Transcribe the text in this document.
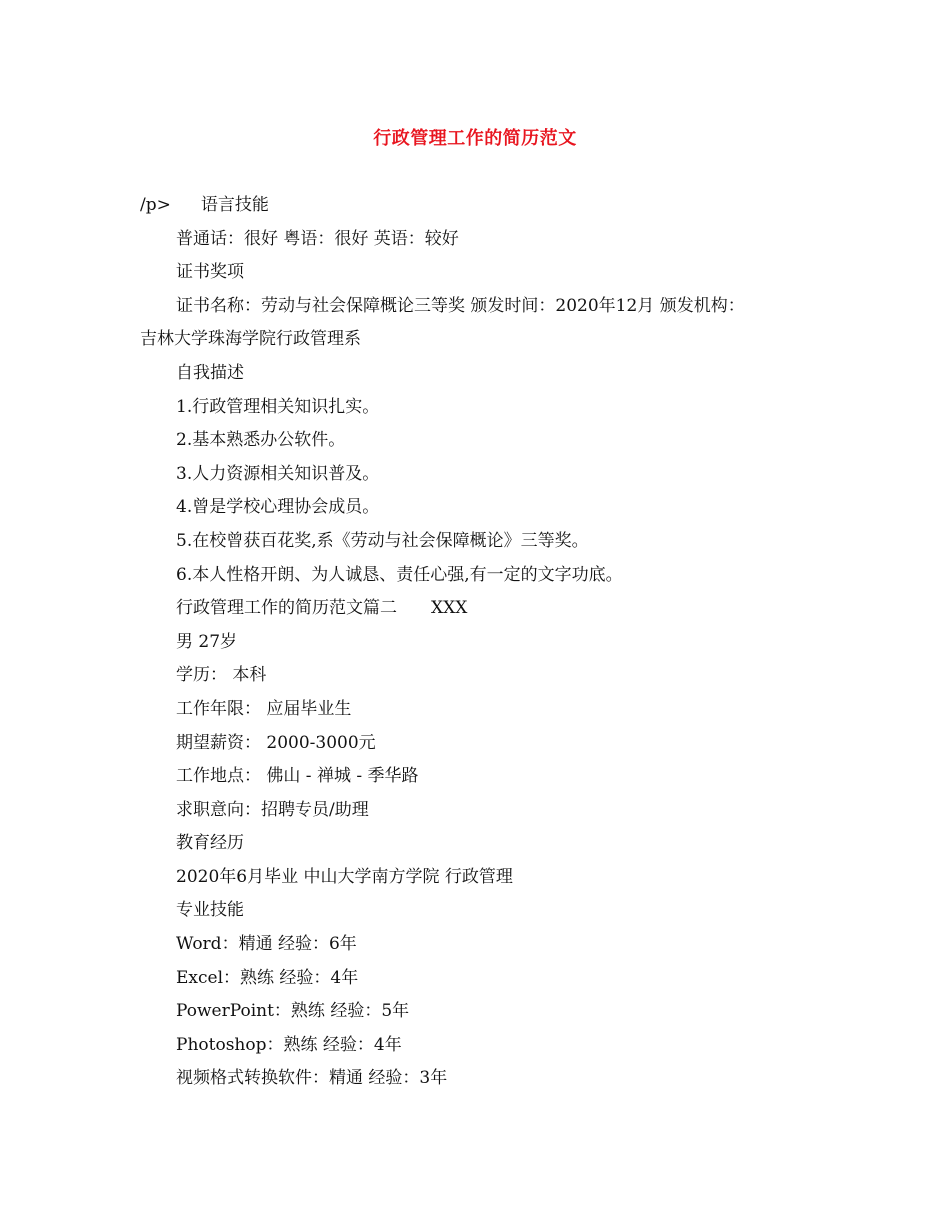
行政管理工作的简历范文
/p> 语言技能
普通话：很好 粤语：很好 英语：较好
证书奖项
证书名称：劳动与社会保障概论三等奖 颁发时间：2020年12月 颁发机构：
吉林大学珠海学院行政管理系
自我描述
1.行政管理相关知识扎实。
2.基本熟悉办公软件。
3.人力资源相关知识普及。
4.曾是学校心理协会成员。
5.在校曾获百花奖,系《劳动与社会保障概论》三等奖。
6.本人性格开朗、为人诚恳、责任心强,有一定的文字功底。
行政管理工作的简历范文篇二 XXX
男 27岁
学历： 本科
工作年限： 应届毕业生
期望薪资： 2000-3000元
工作地点： 佛山 - 禅城 - 季华路
求职意向：招聘专员/助理
教育经历
2020年6月毕业 中山大学南方学院 行政管理
专业技能
Word：精通 经验：6年
Excel：熟练 经验：4年
PowerPoint：熟练 经验：5年
Photoshop：熟练 经验：4年
视频格式转换软件：精通 经验：3年
